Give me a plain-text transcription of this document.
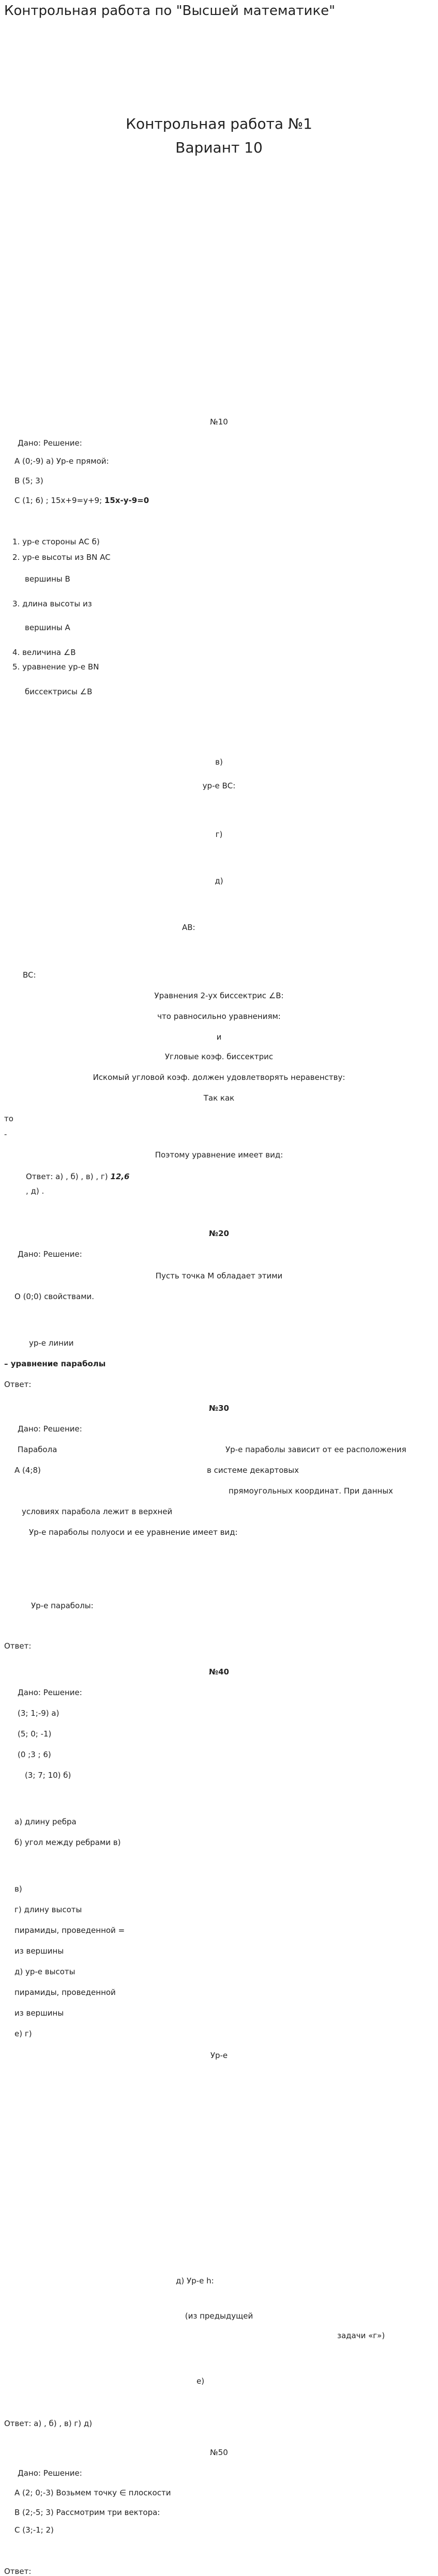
Контрольная работа по "Высшей математике"
Контрольная работа №1
Вариант 10
№10
Дано: Решение:
A (0;-9) а) Ур-е прямой:
B (5; 3)
C (1; 6) ; 15х+9=у+9; 15х-у-9=0
1. ур-е стороны АС б)
2. ур-е высоты из BN AC
вершины В
3. длина высоты из
вершины А
4. величина ∠B
5. уравнение ур-е BN
биссектрисы ∠B
в)
ур-е ВС:
г)
д)
AB:
BC:
Уравнения 2-ух биссектрис ∠B:
что равносильно уравнениям:
и
Угловые коэф. биссектрис
Искомый угловой коэф. должен удовлетворять неравенству:
Так как
то
-
Поэтому уравнение имеет вид:
Ответ: а) , б) , в) , г) 12,6
, д) .
№20
Дано: Решение:
Пусть точка М обладает этими
O (0;0) свойствами.
ур-е линии
– уравнение параболы
Ответ:
№30
Дано: Решение:
Парабола	Ур-е параболы зависит от ее расположения
A (4;8)	в системе декартовых
прямоугольных координат. При данных
условиях парабола лежит в верхней
Ур-е параболы полуоси и ее уравнение имеет вид:
Ур-е параболы:
Ответ:
№40
Дано: Решение:
(3; 1;-9) а)
(5; 0; -1)
(0 ;3 ; 6)
(3; 7; 10) б)
а) длину ребра
б) угол между ребрами в)
в)
г) длину высоты
пирамиды, проведенной =
из вершины
д) ур-е высоты
пирамиды, проведенной
из вершины
е) г)
Ур-е
д) Ур-е h:
(из предыдущей
задачи «г»)
е)
Ответ: а) , б) , в) г) д)
№50
Дано: Решение:
A (2; 0;-3) Возьмем точку ∈ плоскости
B (2;-5; 3) Рассмотрим три вектора:
C (3;-1; 2)
Ответ:
